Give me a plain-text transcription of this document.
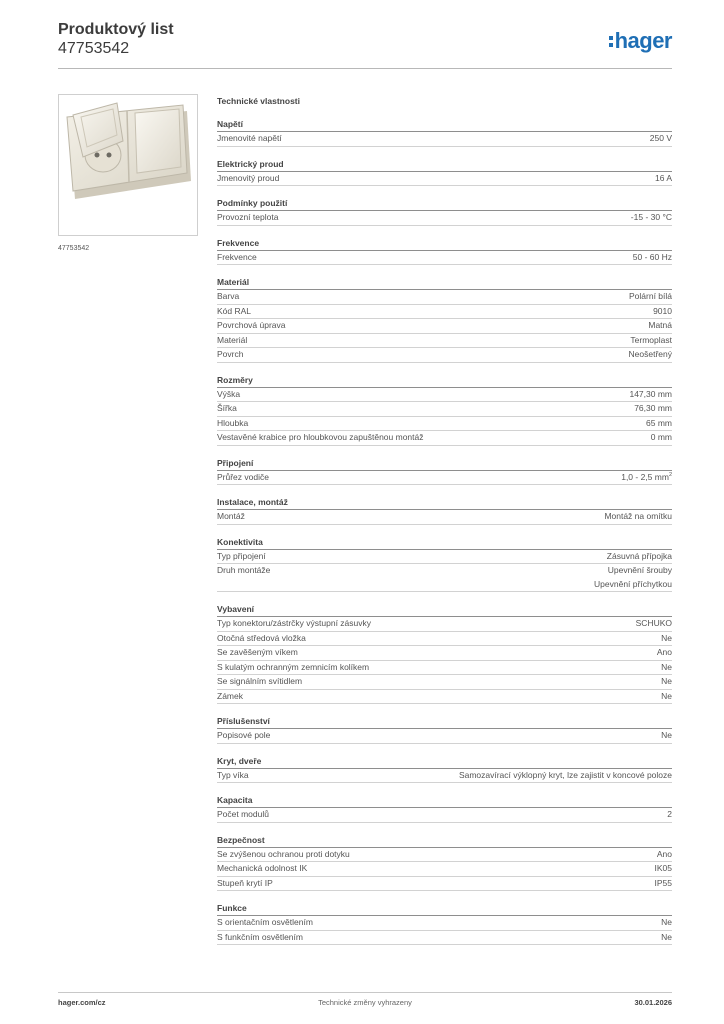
Produktový list
47753542	hager
47753542
Technické vlastnosti
Napětí
Jmenovité napětí	250 V
Elektrický proud
Jmenovitý proud	16 A
Podmínky použití
Provozní teplota	-15 - 30 °C
Frekvence
Frekvence	50 - 60 Hz
Materiál
Barva	Polární bílá
Kód RAL	9010
Povrchová úprava	Matná
Materiál	Termoplast
Povrch	Neošetřený
Rozměry
Výška	147,30 mm
Šířka	76,30 mm
Hloubka	65 mm
Vestavěné krabice pro hloubkovou zapuštěnou montáž	0 mm
Připojení
Průřez vodiče	1,0 - 2,5 $mm^2$
Instalace, montáž
Montáž	Montáž na omítku
Konektivita
Typ připojení	Zásuvná přípojka
Druh montáže	Upevnění šrouby
Upevnění příchytkou
Vybavení
Typ konektoru/zástrčky výstupní zásuvky	SCHUKO
Otočná středová vložka	Ne
Se zavěšeným víkem	Ano
S kulatým ochranným zemnicím kolíkem	Ne
Se signálním svítidlem	Ne
Zámek	Ne
Příslušenství
Popisové pole	Ne
Kryt, dveře
Typ víka	Samozavírací výklopný kryt, lze zajistit v koncové poloze
Kapacita
Počet modulů	2
Bezpečnost
Se zvýšenou ochranou proti dotyku	Ano
Mechanická odolnost IK	IK05
Stupeň krytí IP	IP55
Funkce
S orientačním osvětlením	Ne
S funkčním osvětlením	Ne
hager.com/cz	Technické změny vyhrazeny	30.01.2026
